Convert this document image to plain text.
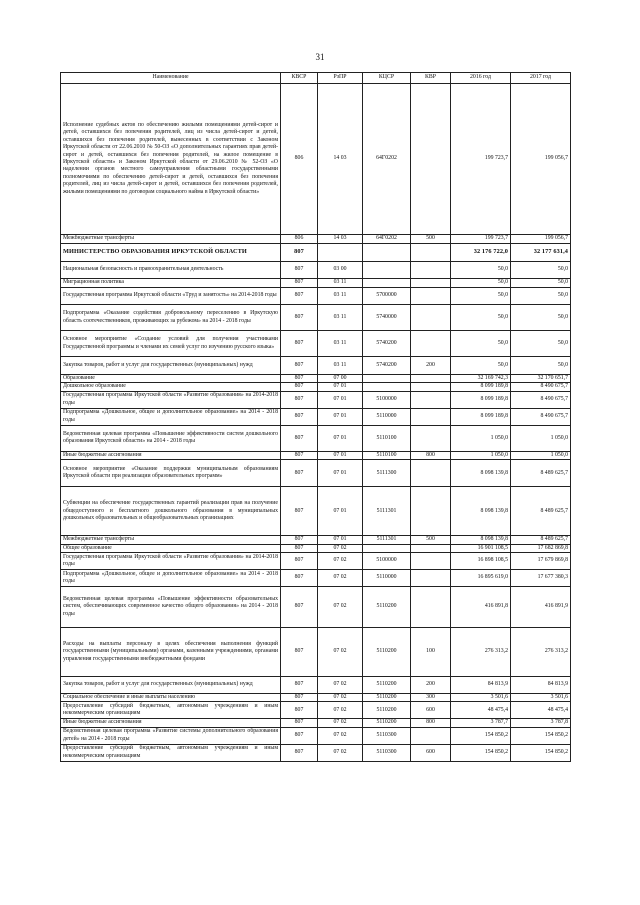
31
Наименование	КВСР	РзПР	КЦСР	КВР	2016 год	2017 год
Исполнение судебных актов по обеспечению жилыми помещениями детей-сирот и детей, оставшихся без попечения родителей, лиц из числа детей-сирот и детей, оставшихся без попечения родителей, вынесенных в соответствии с Законом Иркутской области от 22.06.2010 № 50-ОЗ «О дополнительных гарантиях прав детей-сирот и детей, оставшихся без попечения родителей, на жилое помещение в Иркутской области» и Законом Иркутской области от 29.06.2010 № 52-ОЗ «О наделении органов местного самоуправления областными государственными полномочиями по обеспечению детей-сирот и детей, оставшихся без попечения родителей, лиц из числа детей-сирот и детей, оставшихся без попечения родителей, жилыми помещениями по договорам социального найма в Иркутской области»	806	14 03	64Г0202		199 723,7	199 056,7
Межбюджетные трансферты	806	14 03	64Г0202	500	199 723,7	199 056,7
МИНИСТЕРСТВО ОБРАЗОВАНИЯ ИРКУТСКОЙ ОБЛАСТИ	807				32 176 722,0	32 177 631,4
Национальная безопасность и правоохранительная деятельность	807	03 00			50,0	50,0
Миграционная политика	807	03 11			50,0	50,0
Государственная программа Иркутской области «Труд и занятость» на 2014-2018 годы	807	03 11	5700000		50,0	50,0
Подпрограмма «Оказание содействия добровольному переселению в Иркутскую область соотечественников, проживающих за рубежом» на 2014 - 2018 годы	807	03 11	5740000		50,0	50,0
Основное мероприятие «Создание условий для получения участниками Государственной программы и членами их семей услуг по изучению русского языка»	807	03 11	5740200		50,0	50,0
Закупка товаров, работ и услуг для государственных (муниципальных) нужд	807	03 11	5740200	200	50,0	50,0
Образование	807	07 00			32 169 742,3	32 170 651,7
Дошкольное образование	807	07 01			8 099 189,8	8 490 675,7
Государственная программа Иркутской области «Развитие образования» на 2014-2018 годы	807	07 01	5100000		8 099 189,8	8 490 675,7
Подпрограмма «Дошкольное, общее и дополнительное образование» на 2014 - 2018 годы	807	07 01	5110000		8 099 189,8	8 490 675,7
Ведомственная целевая программа «Повышение эффективности систем дошкольного образования Иркутской области» на 2014 - 2018 годы	807	07 01	5110100		1 050,0	1 050,0
Иные бюджетные ассигнования	807	07 01	5110100	800	1 050,0	1 050,0
Основное мероприятие «Оказание поддержки муниципальным образованиям Иркутской области при реализации образовательных программ»	807	07 01	5111300		8 098 139,8	8 489 625,7
Субвенции на обеспечение государственных гарантий реализации прав на получение общедоступного и бесплатного дошкольного образования в муниципальных дошкольных образовательных и общеобразовательных организациях	807	07 01	5111301		8 098 139,8	8 489 625,7
Межбюджетные трансферты	807	07 01	5111301	500	8 098 139,8	8 489 625,7
Общее образование	807	07 02			16 901 108,5	17 682 869,8
Государственная программа Иркутской области «Развитие образования» на 2014-2018 годы	807	07 02	5100000		16 898 108,5	17 679 869,8
Подпрограмма «Дошкольное, общее и дополнительное образование» на 2014 - 2018 годы	807	07 02	5110000		16 895 619,0	17 677 380,3
Ведомственная целевая программа «Повышение эффективности образовательных систем, обеспечивающих современное качество общего образования» на 2014 - 2018 годы	807	07 02	5110200		416 891,8	416 891,9
Расходы на выплаты персоналу в целях обеспечения выполнения функций государственными (муниципальными) органами, казенными учреждениями, органами управления государственными внебюджетными фондами	807	07 02	5110200	100	276 313,2	276 313,2
Закупка товаров, работ и услуг для государственных (муниципальных) нужд	807	07 02	5110200	200	84 813,9	84 813,9
Социальное обеспечение и иные выплаты населению	807	07 02	5110200	300	3 501,6	3 501,6
Предоставление субсидий бюджетным, автономным учреждениям и иным некоммерческим организациям	807	07 02	5110200	600	48 475,4	48 475,4
Иные бюджетные ассигнования	807	07 02	5110200	800	3 787,7	3 787,8
Ведомственная целевая программа «Развитие системы дополнительного образования детей» на 2014 - 2018 годы	807	07 02	5110300		154 850,2	154 850,2
Предоставление субсидий бюджетным, автономным учреждениям и иным некоммерческим организациям	807	07 02	5110300	600	154 850,2	154 850,2
